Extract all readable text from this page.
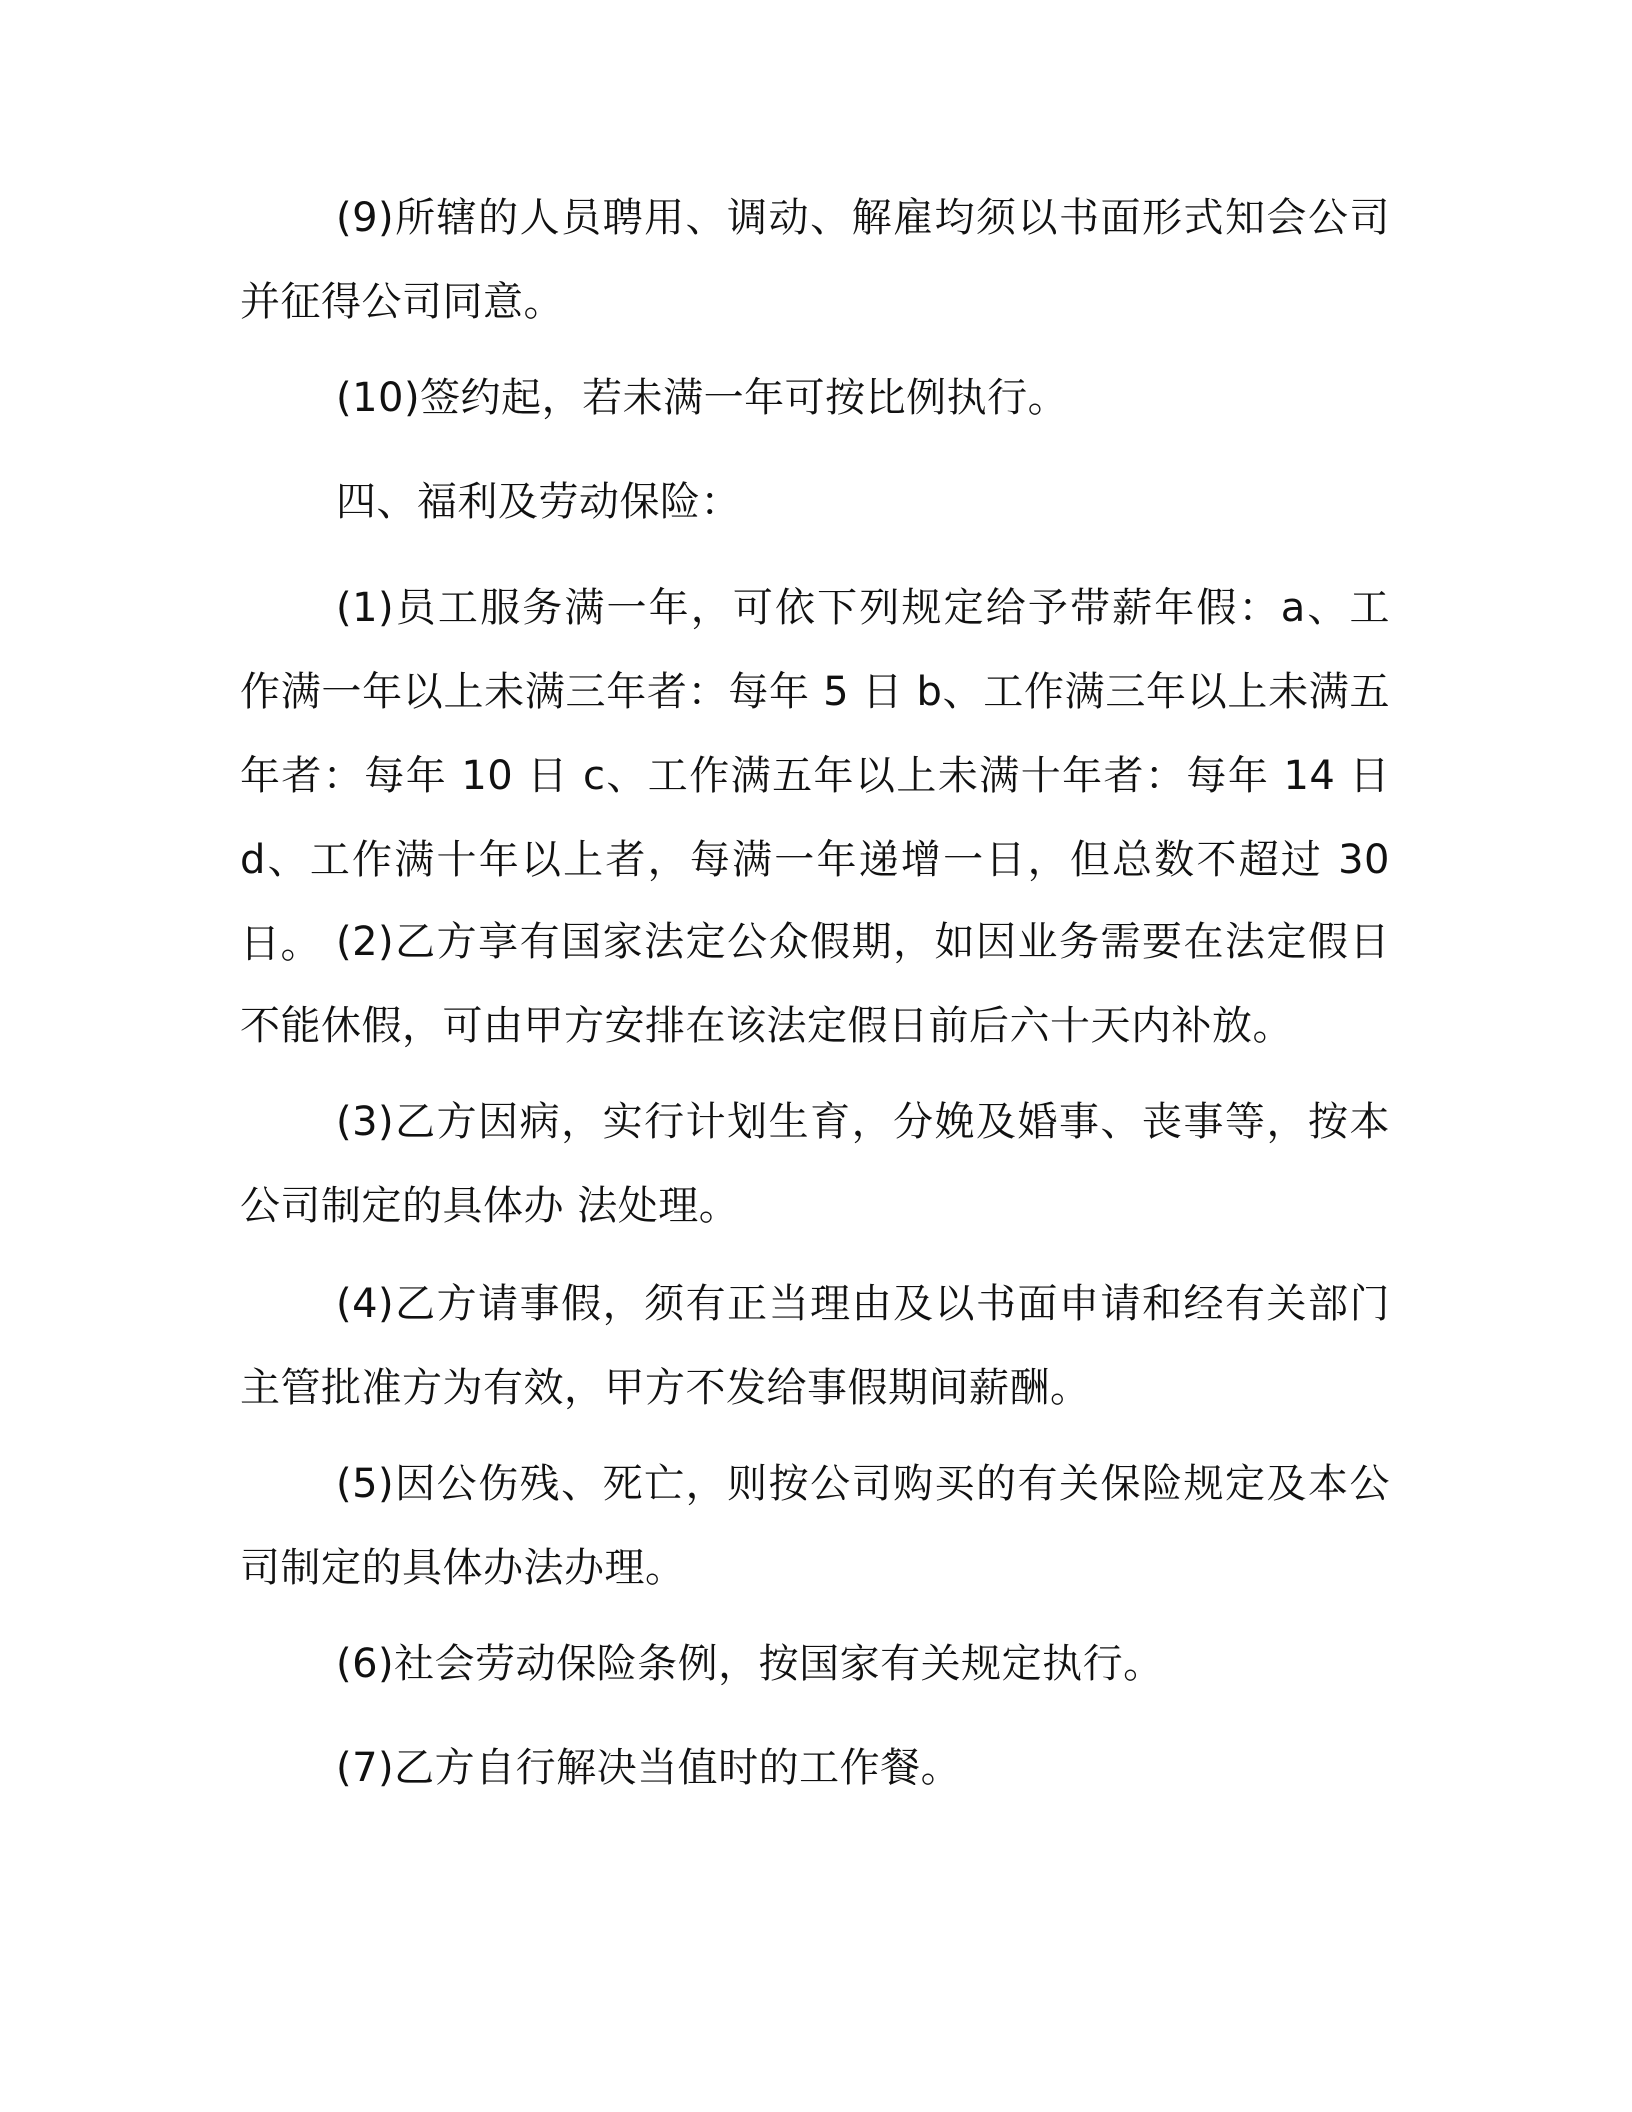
(9)所辖的人员聘用、调动、解雇均须以书面形式知会公司并征得公司同意。

(10)签约起，若未满一年可按比例执行。

四、福利及劳动保险：

(1)员工服务满一年，可依下列规定给予带薪年假：a、工作满一年以上未满三年者：每年 5 日 b、工作满三年以上未满五年者：每年 10 日 c、工作满五年以上未满十年者：每年 14 日 d、工作满十年以上者，每满一年递增一日，但总数不超过 30 日。 (2)乙方享有国家法定公众假期，如因业务需要在法定假日不能休假，可由甲方安排在该法定假日前后六十天内补放。

(3)乙方因病，实行计划生育，分娩及婚事、丧事等，按本公司制定的具体办 法处理。

(4)乙方请事假，须有正当理由及以书面申请和经有关部门主管批准方为有效，甲方不发给事假期间薪酬。

(5)因公伤残、死亡，则按公司购买的有关保险规定及本公司制定的具体办法办理。

(6)社会劳动保险条例，按国家有关规定执行。

(7)乙方自行解决当值时的工作餐。
